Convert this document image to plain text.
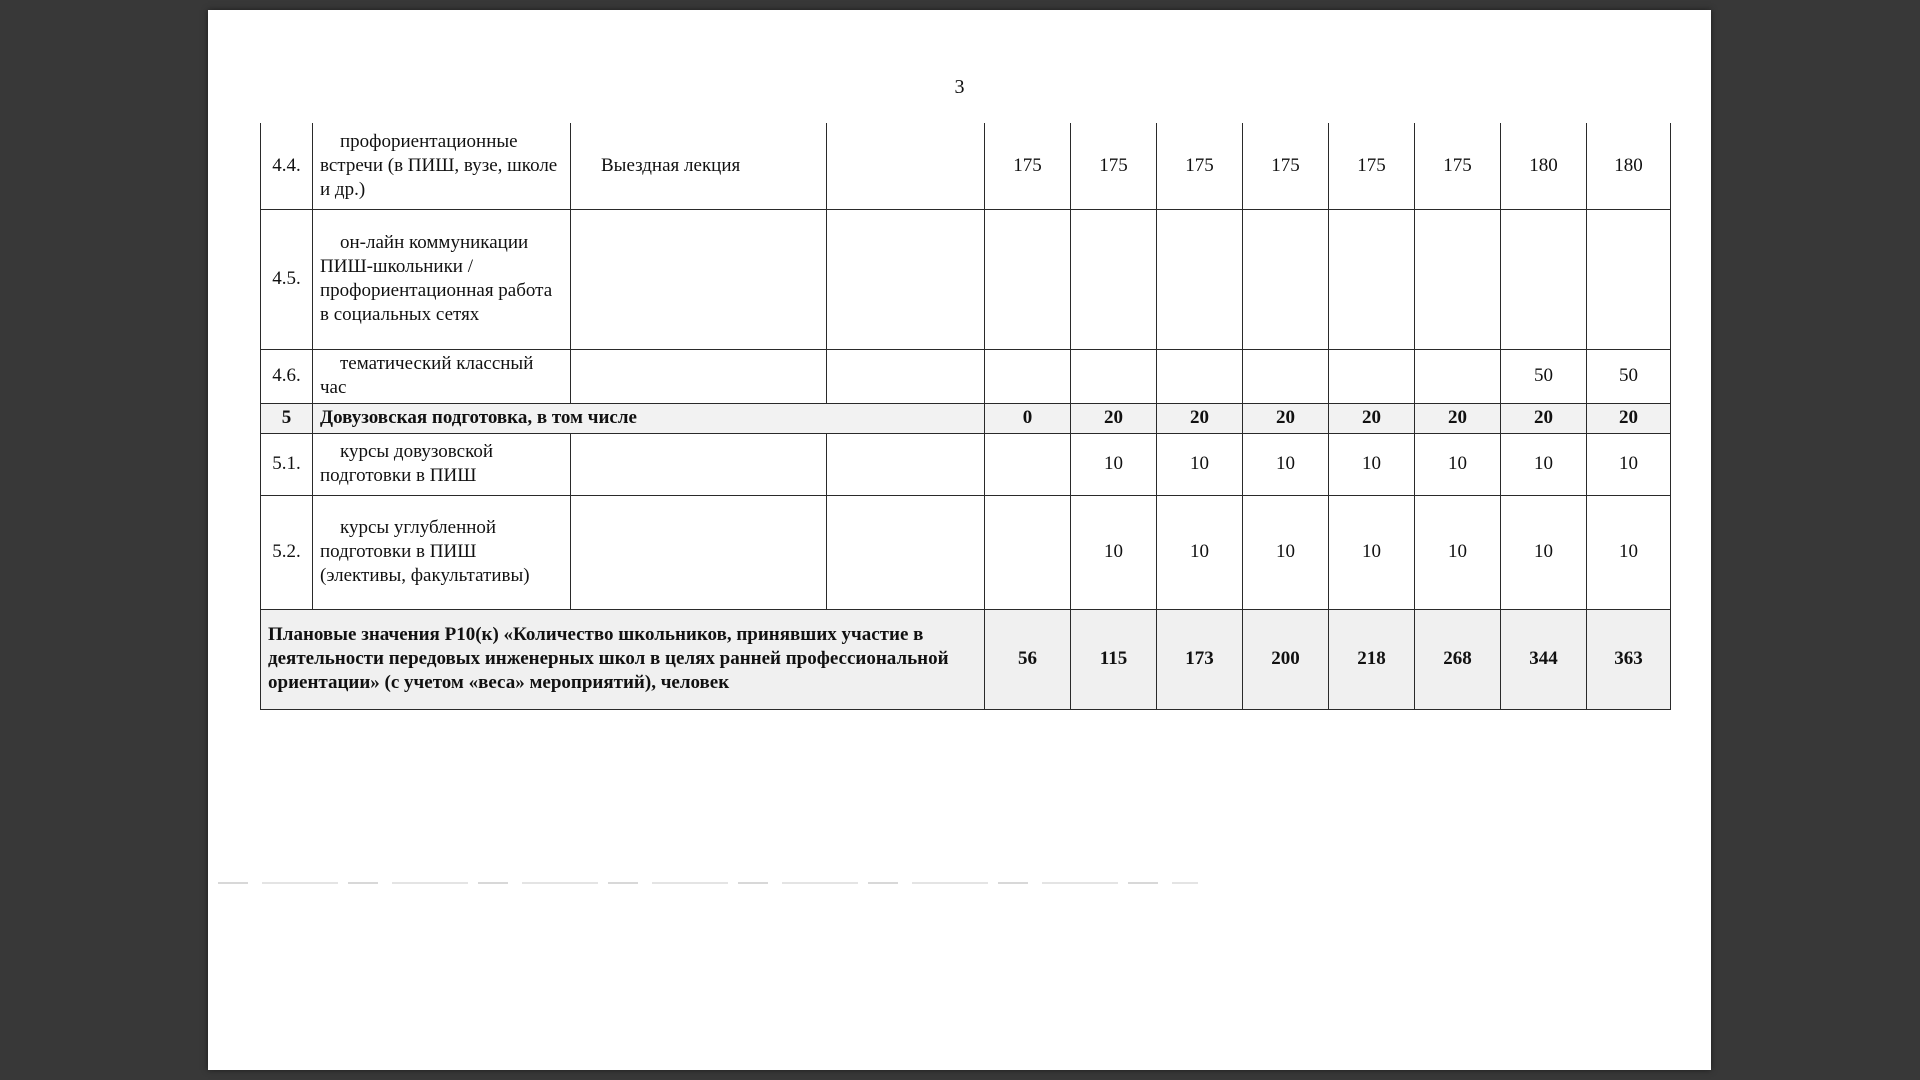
3
4.4.	профориентационные встречи (в ПИШ, вузе, школе и др.)	Выездная лекция		175	175	175	175	175	175	180	180
4.5.	он-лайн коммуникации ПИШ-школьники /профориентационная работа в социальных сетях										
4.6.	тематический классный час									50	50
5	Довузовская подготовка, в том числе			0	20	20	20	20	20	20	20
5.1.	курсы довузовской подготовки в ПИШ				10	10	10	10	10	10	10
5.2.	курсы углубленной подготовки в ПИШ (элективы, факультативы)				10	10	10	10	10	10	10
Плановые значения Р10(к) «Количество школьников, принявших участие в деятельности передовых инженерных школ в целях ранней профессиональной ориентации» (с учетом «веса» мероприятий), человек				56	115	173	200	218	268	344	363
